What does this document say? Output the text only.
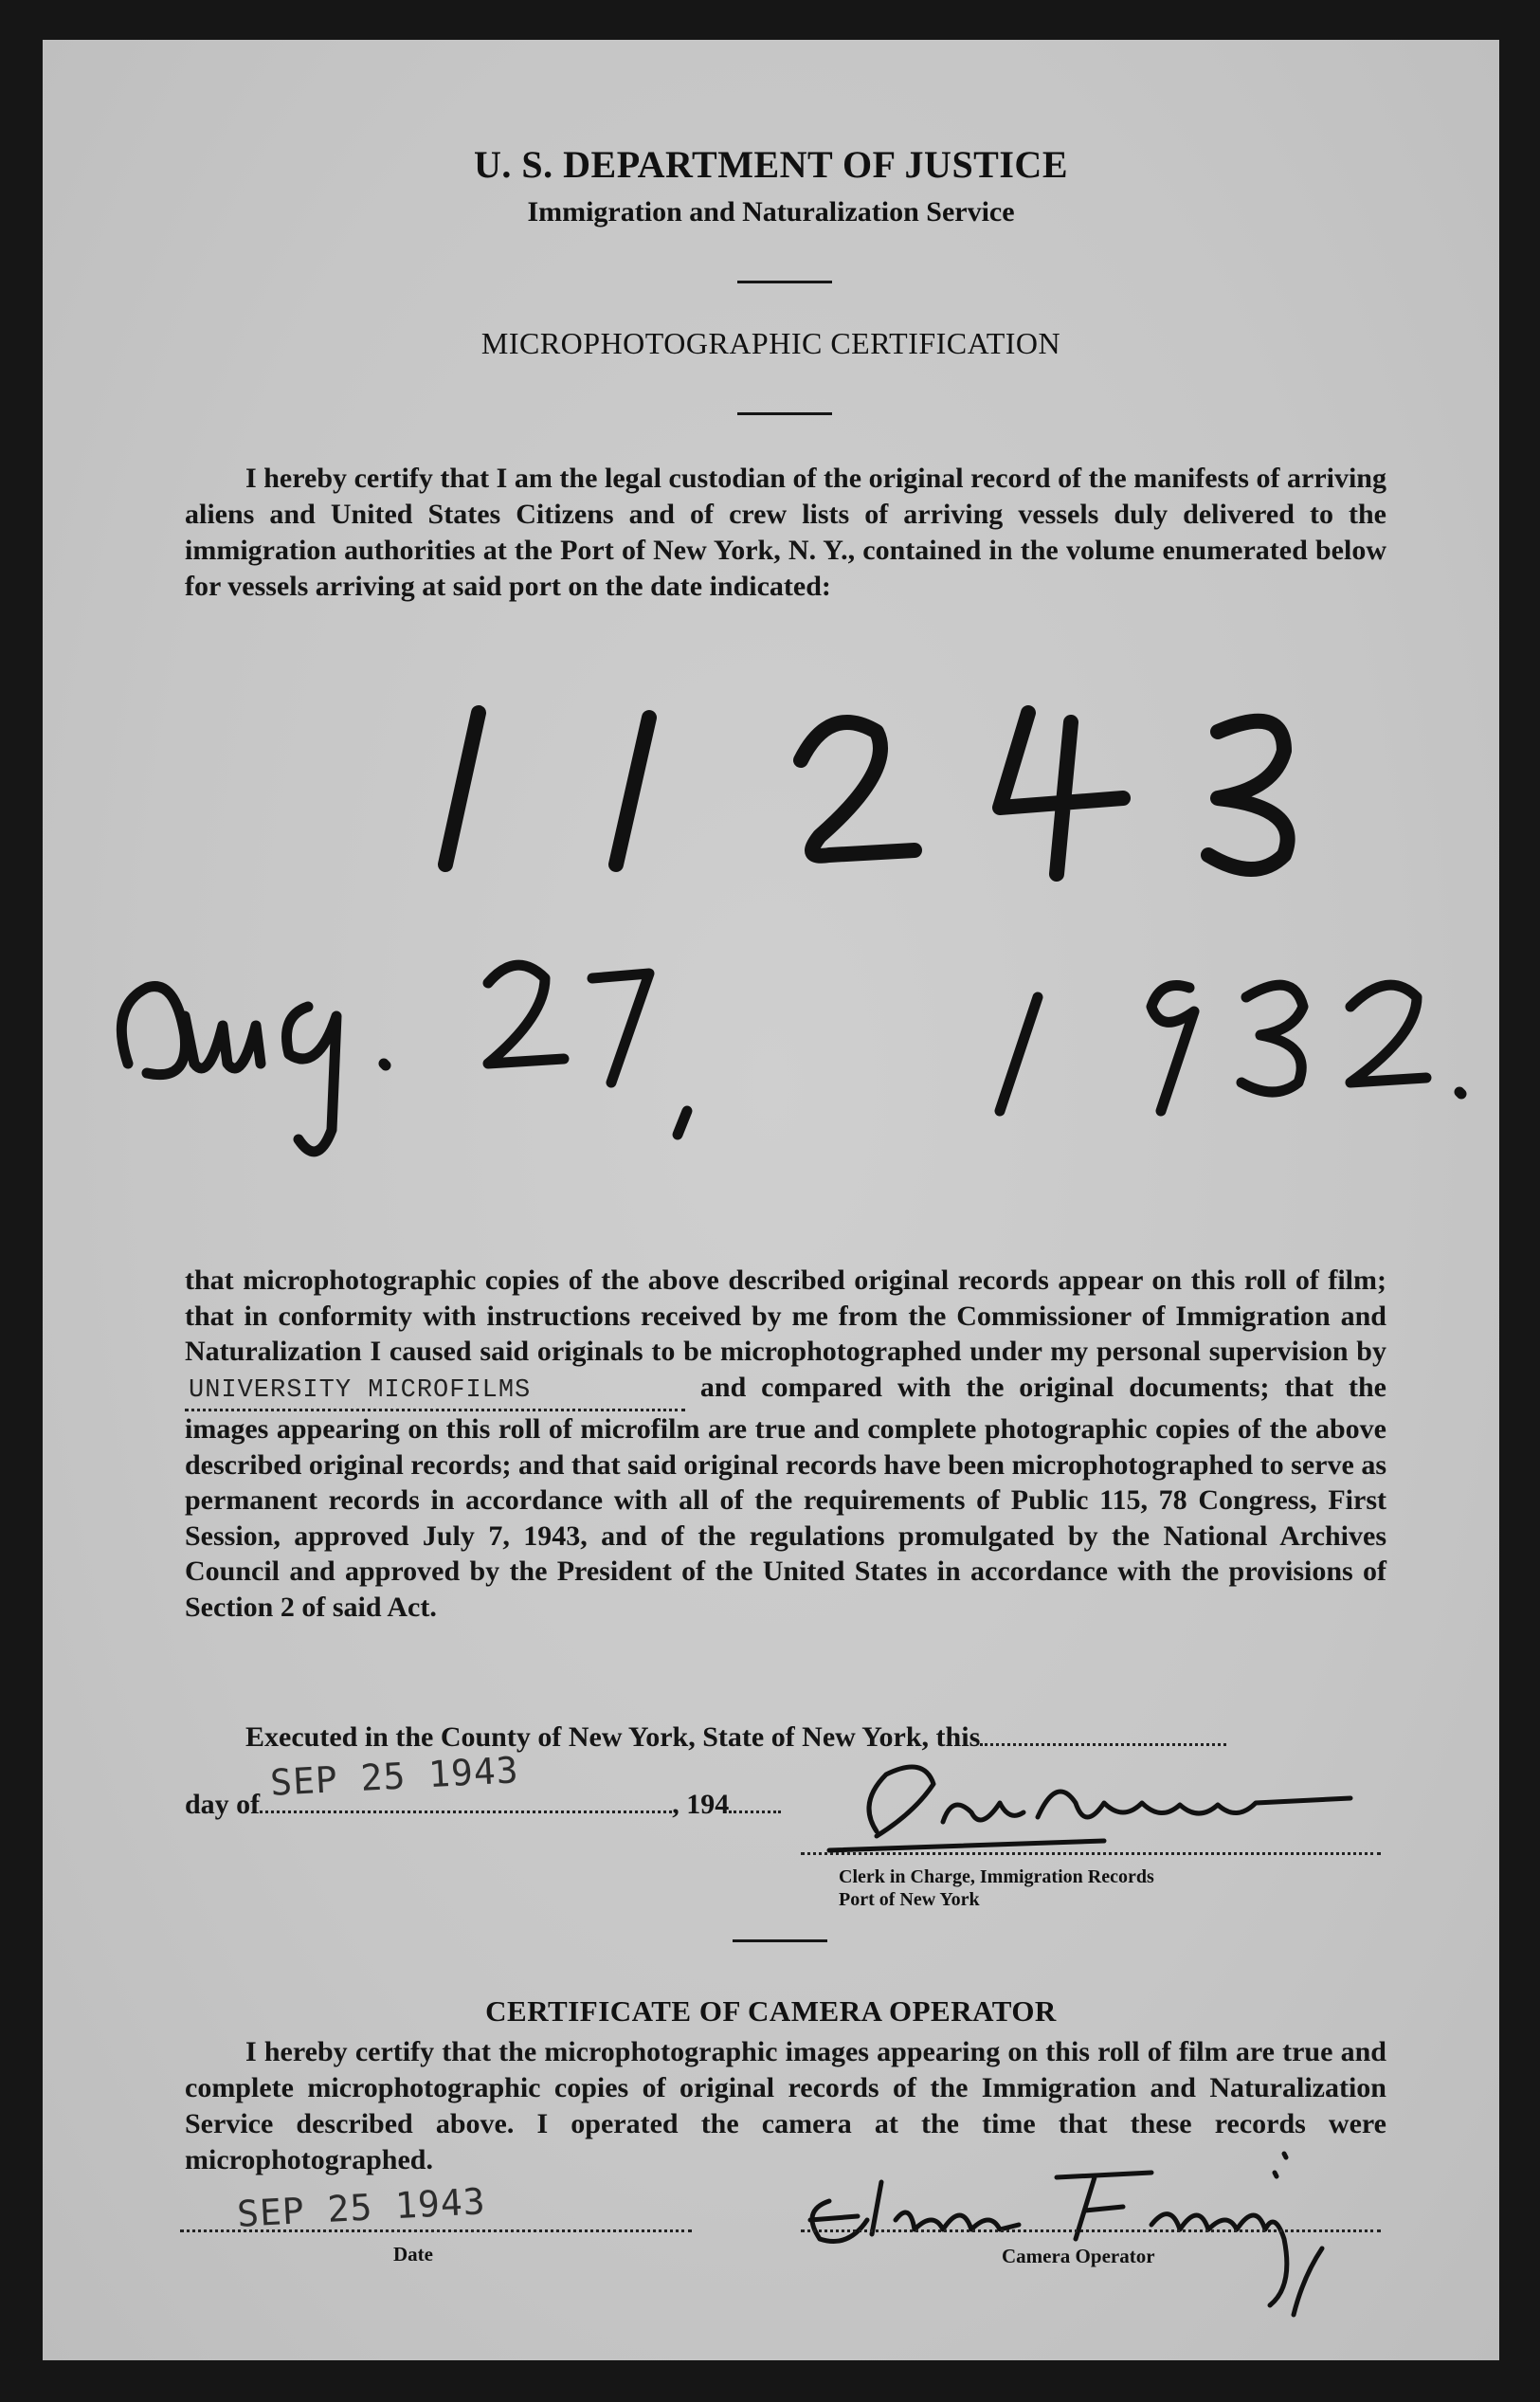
U. S. DEPARTMENT OF JUSTICE
Immigration and Naturalization Service
MICROPHOTOGRAPHIC CERTIFICATION

I hereby certify that I am the legal custodian of the original record of the manifests of arriving aliens and United States Citizens and of crew lists of arriving vessels duly delivered to the immigration authorities at the Port of New York, N. Y., contained in the volume enumerated below for vessels arriving at said port on the date indicated:

that microphotographic copies of the above described original records appear on this roll of film; that in conformity with instructions received by me from the Commissioner of Immigration and Naturalization I caused said originals to be microphotographed under my personal supervision by UNIVERSITY MICROFILMS	and compared with the original documents; that the images appearing on this roll of microfilm are true and complete photographic copies of the above described original records; and that said original records have been microphotographed to serve as permanent records in accordance with all of the requirements of Public 115, 78 Congress, First Session, approved July 7, 1943, and of the regulations promulgated by the National Archives Council and approved by the President of the United States in accordance with the provisions of Section 2 of said Act.

Executed in the County of New York, State of New York, this

day of	, 194
SEP 25 1943
Clerk in Charge, Immigration Records
Port of New York
CERTIFICATE OF CAMERA OPERATOR

I hereby certify that the microphotographic images appearing on this roll of film are true and complete microphotographic copies of original records of the Immigration and Naturalization Service described above. I operated the camera at the time that these records were microphotographed.

SEP 25 1943
Date	Camera Operator
